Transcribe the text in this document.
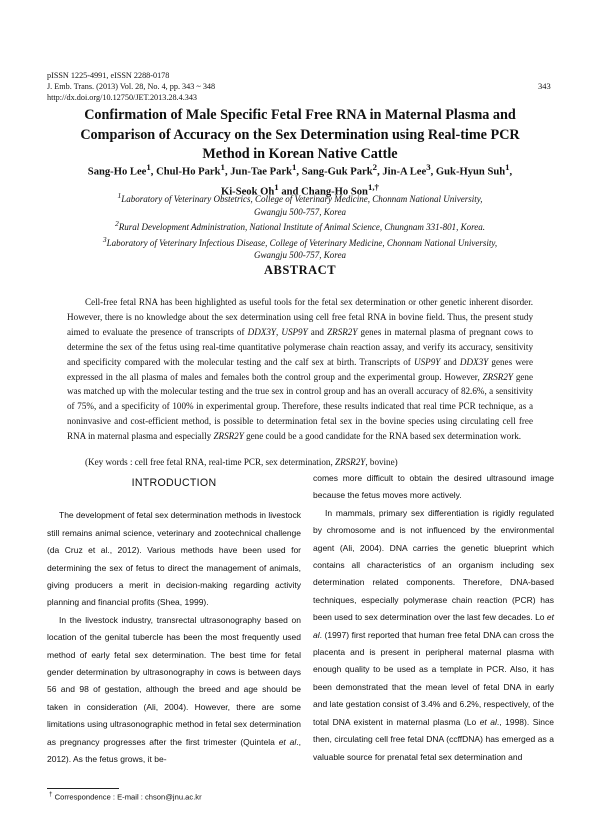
pISSN 1225-4991, eISSN 2288-0178
J. Emb. Trans. (2013) Vol. 28, No. 4, pp. 343 ~ 348
http://dx.doi.org/10.12750/JET.2013.28.4.343
343
Confirmation of Male Specific Fetal Free RNA in Maternal Plasma and
Comparison of Accuracy on the Sex Determination using Real-time PCR
Method in Korean Native Cattle
Sang-Ho Lee$^1$, Chul-Ho Park$^1$, Jun-Tae Park$^1$, Sang-Guk Park$^2$, Jin-A Lee$^3$, Guk-Hyun Suh$^1$,
Ki-Seok Oh$^1$ and Chang-Ho Son$^{1,\dagger}$

$^1$Laboratory of Veterinary Obstetrics, College of Veterinary Medicine, Chonnam National University,
Gwangju 500-757, Korea

$^2$Rural Development Administration, National Institute of Animal Science, Chungnam 331-801, Korea.

$^3$Laboratory of Veterinary Infectious Disease, College of Veterinary Medicine, Chonnam National University,
Gwangju 500-757, Korea

ABSTRACT

Cell-free fetal RNA has been highlighted as useful tools for the fetal sex determination or other genetic inherent disorder. However, there is no knowledge about the sex determination using cell free fetal RNA in bovine field. Thus, the present study aimed to evaluate the presence of transcripts of DDX3Y, USP9Y and ZRSR2Y genes in maternal plasma of pregnant cows to determine the sex of the fetus using real-time quantitative polymerase chain reaction assay, and verify its accuracy, sensitivity and specificity compared with the molecular testing and the calf sex at birth. Transcripts of USP9Y and DDX3Y genes were expressed in the all plasma of males and females both the control group and the experimental group. However, ZRSR2Y gene was matched up with the molecular testing and the true sex in control group and has an overall accuracy of 82.6%, a sensitivity of 75%, and a specificity of 100% in experimental group. Therefore, these results indicated that real time PCR technique, as a noninvasive and cost-efficient method, is possible to determination fetal sex in the bovine species using circulating cell free RNA in maternal plasma and especially ZRSR2Y gene could be a good candidate for the RNA based sex determination work.

(Key words : cell free fetal RNA, real-time PCR, sex determination, ZRSR2Y, bovine)
INTRODUCTION

The development of fetal sex determination methods in livestock still remains animal science, veterinary and zootechnical challenge (da Cruz et al., 2012). Various methods have been used for determining the sex of fetus to direct the management of animals, giving producers a merit in decision-making regarding activity planning and financial profits (Shea, 1999).

In the livestock industry, transrectal ultrasonography based on location of the genital tubercle has been the most frequently used method of early fetal sex determination. The best time for fetal gender determination by ultrasonography in cows is between days 56 and 98 of gestation, although the breed and age should be taken in consideration (Ali, 2004). However, there are some limitations using ultrasonographic method in fetal sex determination as pregnancy progresses after the first trimester (Quintela et al., 2012). As the fetus grows, it be-

comes more difficult to obtain the desired ultrasound image because the fetus moves more actively.

In mammals, primary sex differentiation is rigidly regulated by chromosome and is not influenced by the environmental agent (Ali, 2004). DNA carries the genetic blueprint which contains all characteristics of an organism including sex determination related components. Therefore, DNA-based techniques, especially polymerase chain reaction (PCR) has been used to sex determination over the last few decades. Lo et al. (1997) first reported that human free fetal DNA can cross the placenta and is present in peripheral maternal plasma with enough quality to be used as a template in PCR. Also, it has been demonstrated that the mean level of fetal DNA in early and late gestation consist of 3.4% and 6.2%, respectively, of the total DNA existent in maternal plasma (Lo et al., 1998). Since then, circulating cell free fetal DNA (ccffDNA) has emerged as a valuable source for prenatal fetal sex determination and

† Correspondence : E-mail : chson@jnu.ac.kr
